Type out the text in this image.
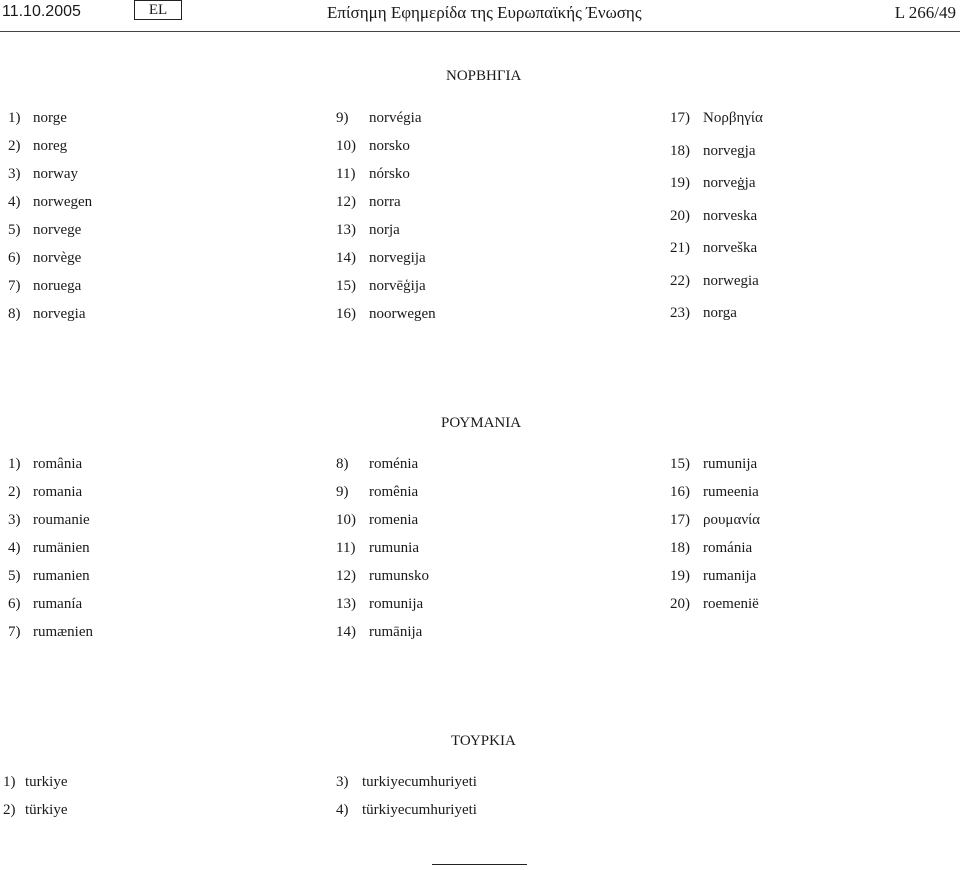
11.10.2005	EL	Επίσημη Εφημερίδα της Ευρωπαϊκής Ένωσης	L 266/49
ΝΟΡΒΗΓΙΑ
1) norge
2) noreg
3) norway
4) norwegen
5) norvege
6) norvège
7) noruega
8) norvegia
9) norvégia
10) norsko
11) nórsko
12) norra
13) norja
14) norvegija
15) norvēģija
16) noorwegen
17) Νορβηγία
18) norvegja
19) norveġja
20) norveska
21) norveška
22) norwegia
23) norga
ΡΟΥΜΑΝΙΑ
1) românia
2) romania
3) roumanie
4) rumänien
5) rumanien
6) rumanía
7) rumænien
8) roménia
9) romênia
10) romenia
11) rumunia
12) rumunsko
13) romunija
14) rumānija
15) rumunija
16) rumeenia
17) ρουμανία
18) románia
19) rumanija
20) roemenië
ΤΟΥΡΚΙΑ
1) turkiye
2) türkiye
3) turkiyecumhuriyeti
4) türkiyecumhuriyeti
